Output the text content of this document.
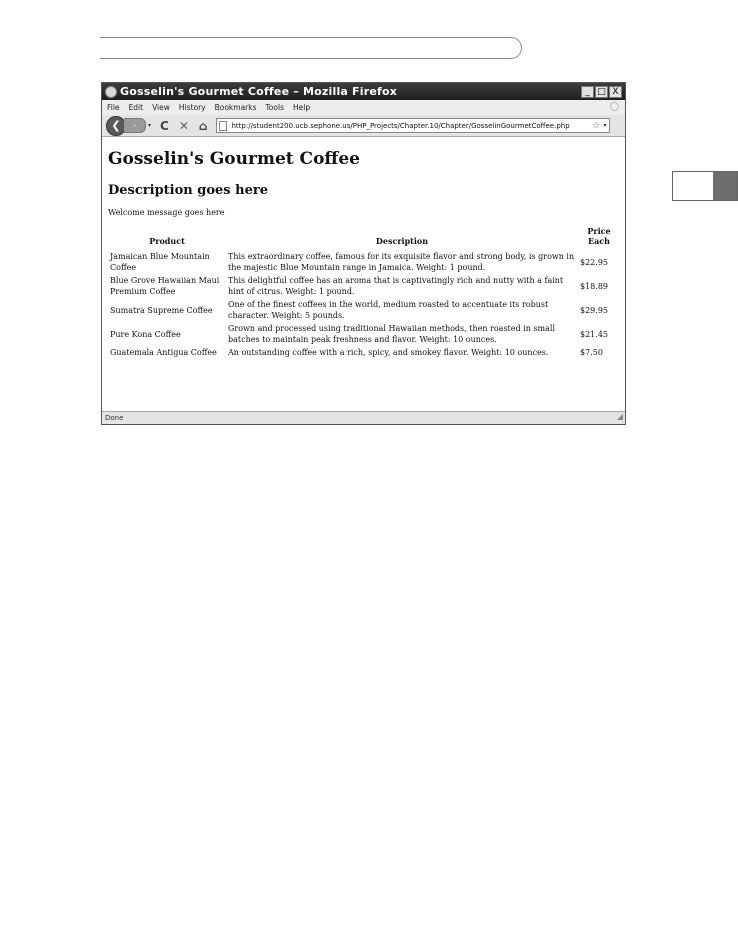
Gosselin's Gourmet Coffee – Mozilla Firefox	_ □ X
File Edit View History Bookmarks Tools Help
❮	›	▾ C ✕ ⌂	http://student200.ucb.sephone.us/PHP_Projects/Chapter.10/Chapter/GosselinGourmetCoffee.php	☆ ▾
Gosselin's Gourmet Coffee
Description goes here

Welcome message goes here

Product	Description	Price Each
Jamaican Blue Mountain Coffee	This extraordinary coffee, famous for its exquisite flavor and strong body, is grown in the majestic Blue Mountain range in Jamaica. Weight: 1 pound.	$22.95
Blue Grove Hawaiian Maui Premium Coffee	This delightful coffee has an aroma that is captivatingly rich and nutty with a faint hint of citrus. Weight: 1 pound.	$18.89
Sumatra Supreme Coffee	One of the finest coffees in the world, medium roasted to accentuate its robust character. Weight: 5 pounds.	$29.95
Pure Kona Coffee	Grown and processed using traditional Hawaiian methods, then roasted in small batches to maintain peak freshness and flavor. Weight: 10 ounces.	$21.45
Guatemala Antigua Coffee	An outstanding coffee with a rich, spicy, and smokey flavor. Weight: 10 ounces.	$7.50
Done	◢
